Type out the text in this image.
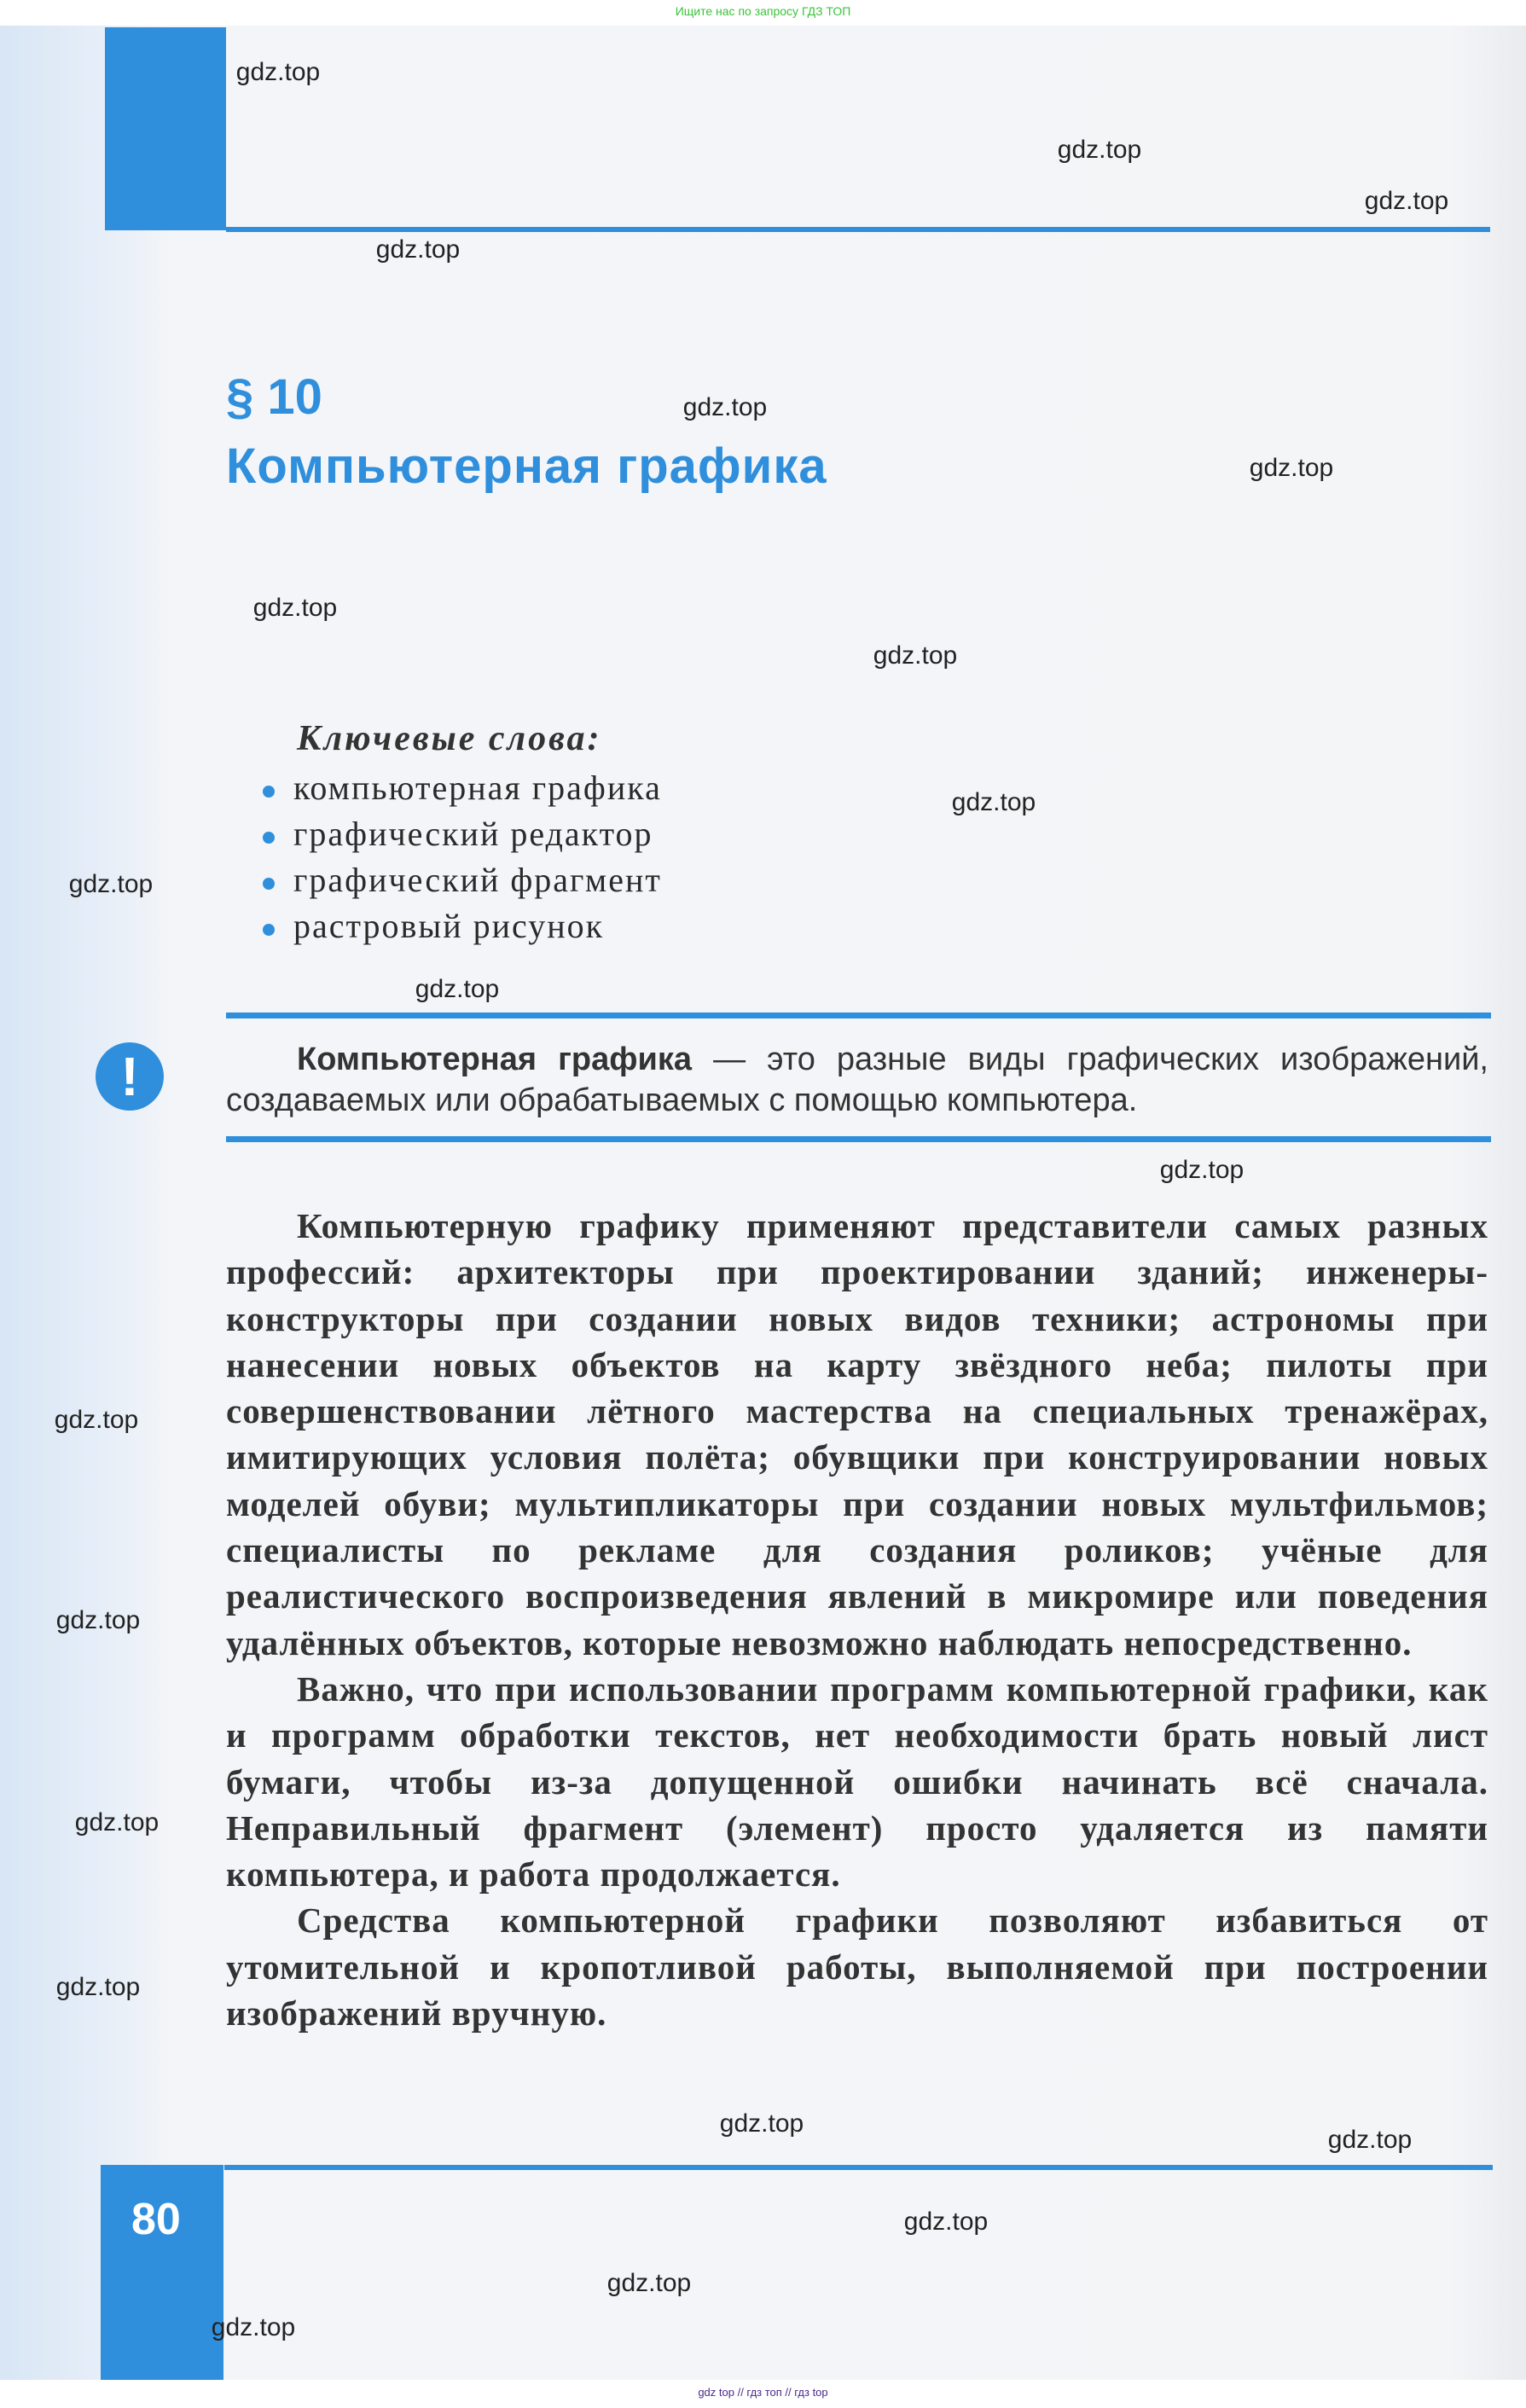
Ищите нас по запросу ГДЗ ТОП
§ 10
Компьютерная графика
Ключевые слова:
компьютерная графика
графический редактор
графический фрагмент
растровый рисунок
!	Компьютерная графика — это разные виды графических изображений, создаваемых или обрабатываемых с помощью компьютера.

Компьютерную графику применяют представители самых разных профессий: архитекторы при проектировании зданий; инженеры-конструкторы при создании новых видов техники; астрономы при нанесении новых объектов на карту звёздного неба; пилоты при совершенствовании лётного мастерства на специальных тренажёрах, имитирующих условия полёта; обувщики при конструировании новых моделей обуви; мультипликаторы при создании новых мультфильмов; специалисты по рекламе для создания роликов; учёные для реалистического воспроизведения явлений в микромире или поведения удалённых объектов, которые невозможно наблюдать непосредственно.

Важно, что при использовании программ компьютерной графики, как и программ обработки текстов, нет необходимости брать новый лист бумаги, чтобы из-за допущенной ошибки начинать всё сначала. Неправильный фрагмент (элемент) просто удаляется из памяти компьютера, и работа продолжается.

Средства компьютерной графики позволяют избавиться от утомительной и кропотливой работы, выполняемой при построении изображений вручную.

80
gdz top // гдз топ // гдз top
gdz.top
gdz.top
gdz.top
gdz.top
gdz.top
gdz.top
gdz.top
gdz.top
gdz.top
gdz.top
gdz.top
gdz.top
gdz.top
gdz.top
gdz.top
gdz.top
gdz.top
gdz.top
gdz.top
gdz.top
gdz.top
